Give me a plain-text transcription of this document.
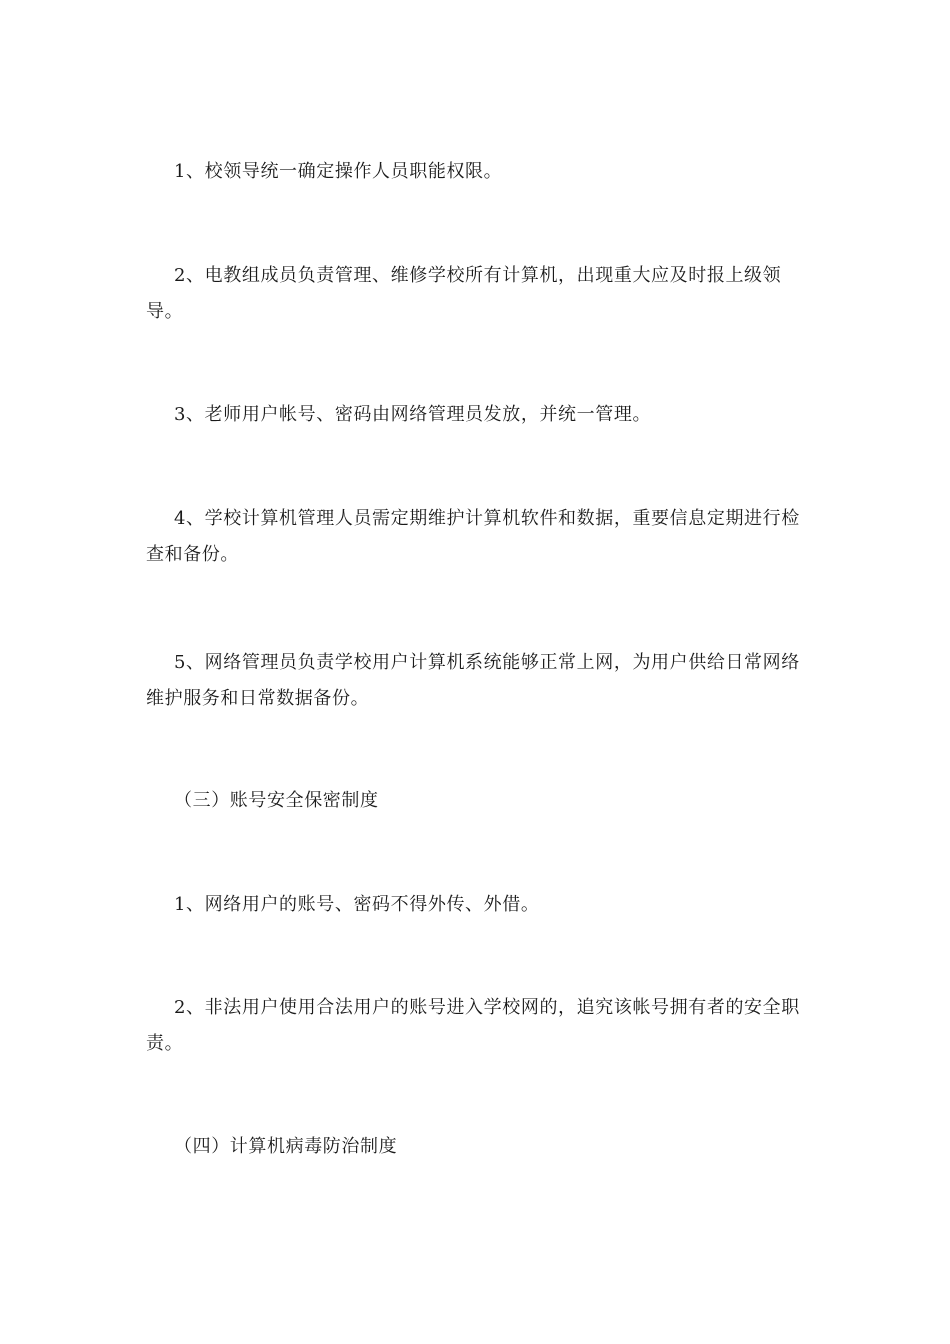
1、校领导统一确定操作人员职能权限。

2、电教组成员负责管理、维修学校所有计算机，出现重大应及时报上级领导。

3、老师用户帐号、密码由网络管理员发放，并统一管理。

4、学校计算机管理人员需定期维护计算机软件和数据，重要信息定期进行检查和备份。

5、网络管理员负责学校用户计算机系统能够正常上网，为用户供给日常网络维护服务和日常数据备份。

（三）账号安全保密制度

1、网络用户的账号、密码不得外传、外借。

2、非法用户使用合法用户的账号进入学校网的，追究该帐号拥有者的安全职责。

（四）计算机病毒防治制度
